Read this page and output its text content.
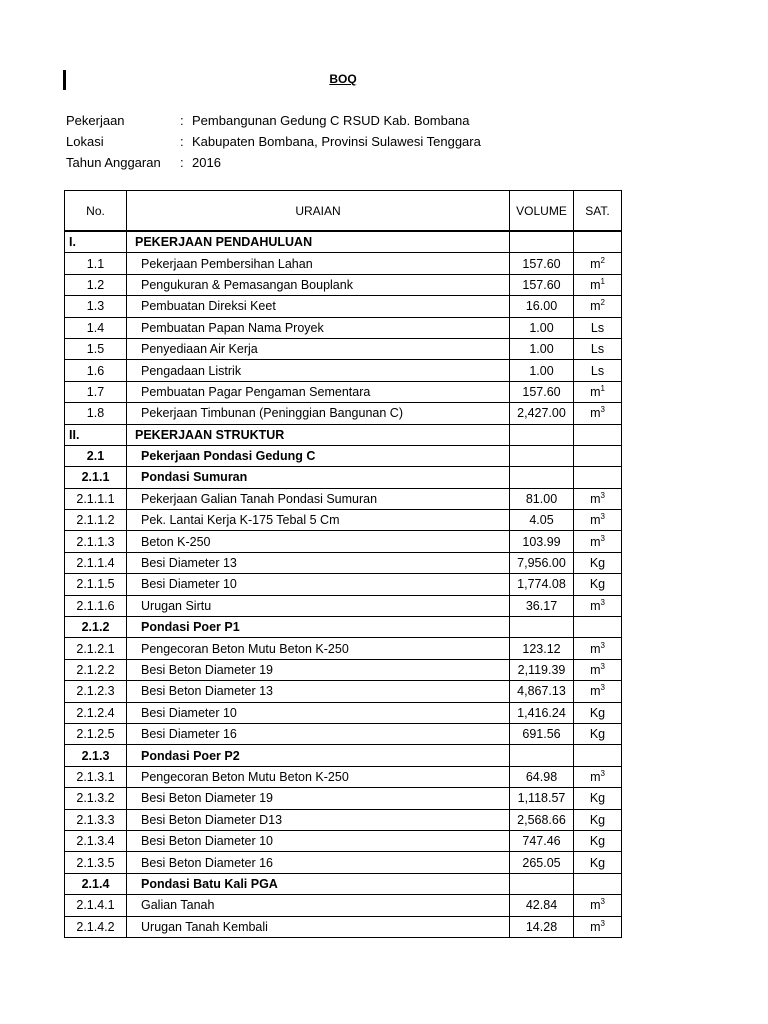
BOQ
Pekerjaan	: Pembangunan Gedung C RSUD Kab. Bombana
Lokasi	: Kabupaten Bombana, Provinsi Sulawesi Tenggara
Tahun Anggaran	: 2016
No.	URAIAN	VOLUME	SAT.
I.	PEKERJAAN PENDAHULUAN		
1.1	Pekerjaan Pembersihan Lahan	157.60	$m^2$
1.2	Pengukuran & Pemasangan Bouplank	157.60	$m^1$
1.3	Pembuatan Direksi Keet	16.00	$m^2$
1.4	Pembuatan Papan Nama Proyek	1.00	Ls
1.5	Penyediaan Air Kerja	1.00	Ls
1.6	Pengadaan Listrik	1.00	Ls
1.7	Pembuatan Pagar Pengaman Sementara	157.60	$m^1$
1.8	Pekerjaan Timbunan (Peninggian Bangunan C)	2,427.00	$m^3$
II.	PEKERJAAN STRUKTUR		
2.1	Pekerjaan Pondasi Gedung C		
2.1.1	Pondasi Sumuran		
2.1.1.1	Pekerjaan Galian Tanah Pondasi Sumuran	81.00	$m^3$
2.1.1.2	Pek. Lantai Kerja K-175 Tebal 5 Cm	4.05	$m^3$
2.1.1.3	Beton K-250	103.99	$m^3$
2.1.1.4	Besi Diameter 13	7,956.00	Kg
2.1.1.5	Besi Diameter 10	1,774.08	Kg
2.1.1.6	Urugan Sirtu	36.17	$m^3$
2.1.2	Pondasi Poer P1		
2.1.2.1	Pengecoran Beton Mutu Beton K-250	123.12	$m^3$
2.1.2.2	Besi Beton Diameter 19	2,119.39	$m^3$
2.1.2.3	Besi Beton Diameter 13	4,867.13	$m^3$
2.1.2.4	Besi Diameter 10	1,416.24	Kg
2.1.2.5	Besi Diameter 16	691.56	Kg
2.1.3	Pondasi Poer P2		
2.1.3.1	Pengecoran Beton Mutu Beton K-250	64.98	$m^3$
2.1.3.2	Besi Beton Diameter 19	1,118.57	Kg
2.1.3.3	Besi Beton Diameter D13	2,568.66	Kg
2.1.3.4	Besi Beton Diameter 10	747.46	Kg
2.1.3.5	Besi Beton Diameter 16	265.05	Kg
2.1.4	Pondasi Batu Kali PGA		
2.1.4.1	Galian Tanah	42.84	$m^3$
2.1.4.2	Urugan Tanah Kembali	14.28	$m^3$
